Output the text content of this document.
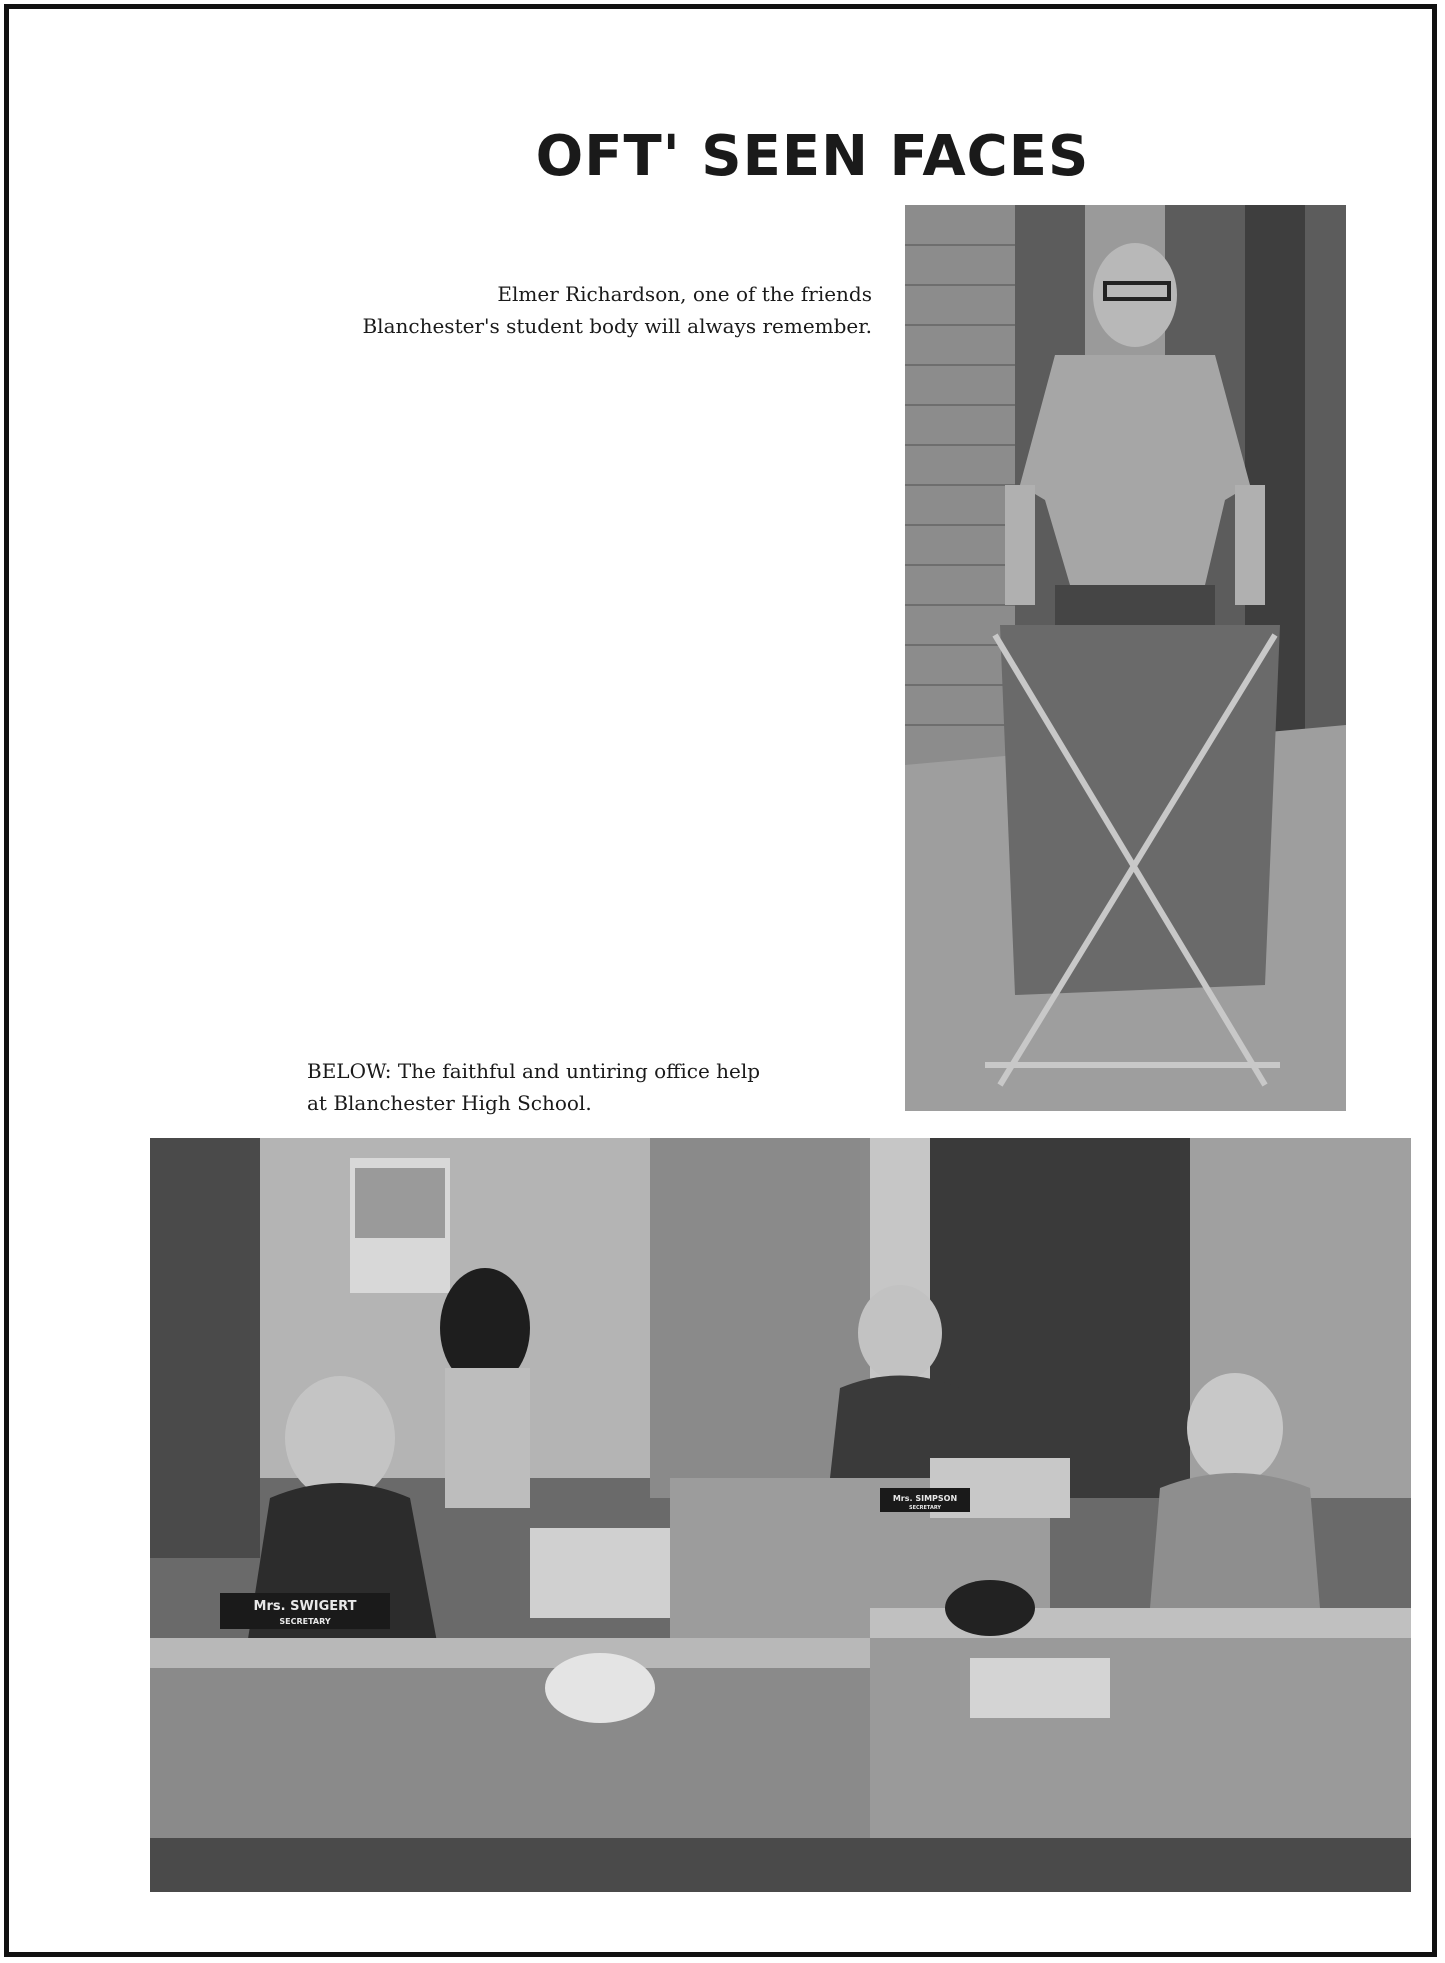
OFT' SEEN FACES
Elmer Richardson, one of the friends Blanchester's student body will always remember.
BELOW: The faithful and untiring office help at Blanchester High School.
Mrs. SWIGERT
SECRETARY
Mrs. SIMPSON
SECRETARY
